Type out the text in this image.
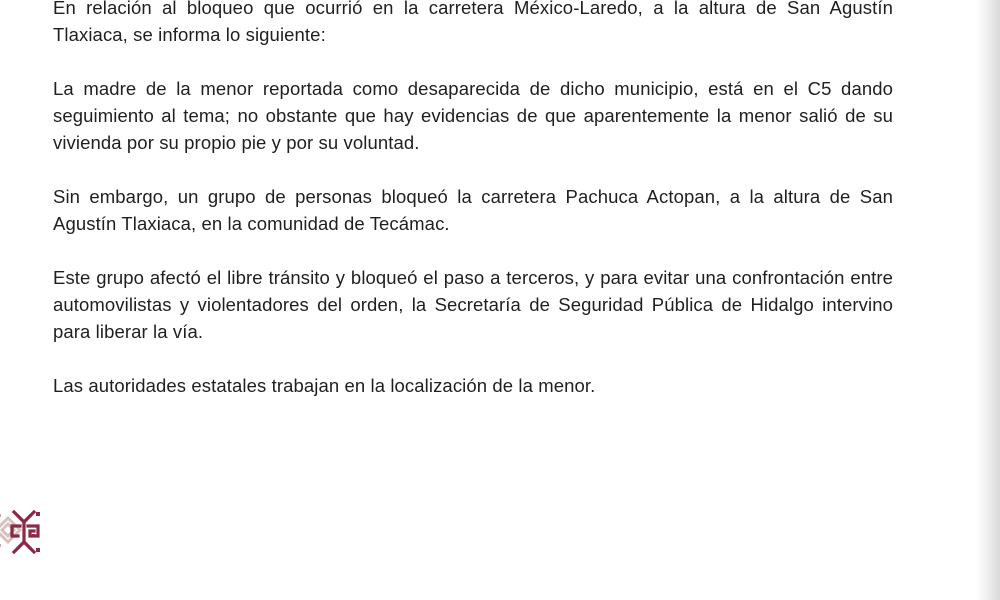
En relación al bloqueo que ocurrió en la carretera México-Laredo, a la altura de San Agustín Tlaxiaca, se informa lo siguiente:

La madre de la menor reportada como desaparecida de dicho municipio, está en el C5 dando seguimiento al tema; no obstante que hay evidencias de que aparentemente la menor salió de su vivienda por su propio pie y por su voluntad.

Sin embargo, un grupo de personas bloqueó la carretera Pachuca Actopan, a la altura de San Agustín Tlaxiaca, en la comunidad de Tecámac.

Este grupo afectó el libre tránsito y bloqueó el paso a terceros, y para evitar una confrontación entre automovilistas y violentadores del orden, la Secretaría de Seguridad Pública de Hidalgo intervino para liberar la vía.

Las autoridades estatales trabajan en la localización de la menor.
